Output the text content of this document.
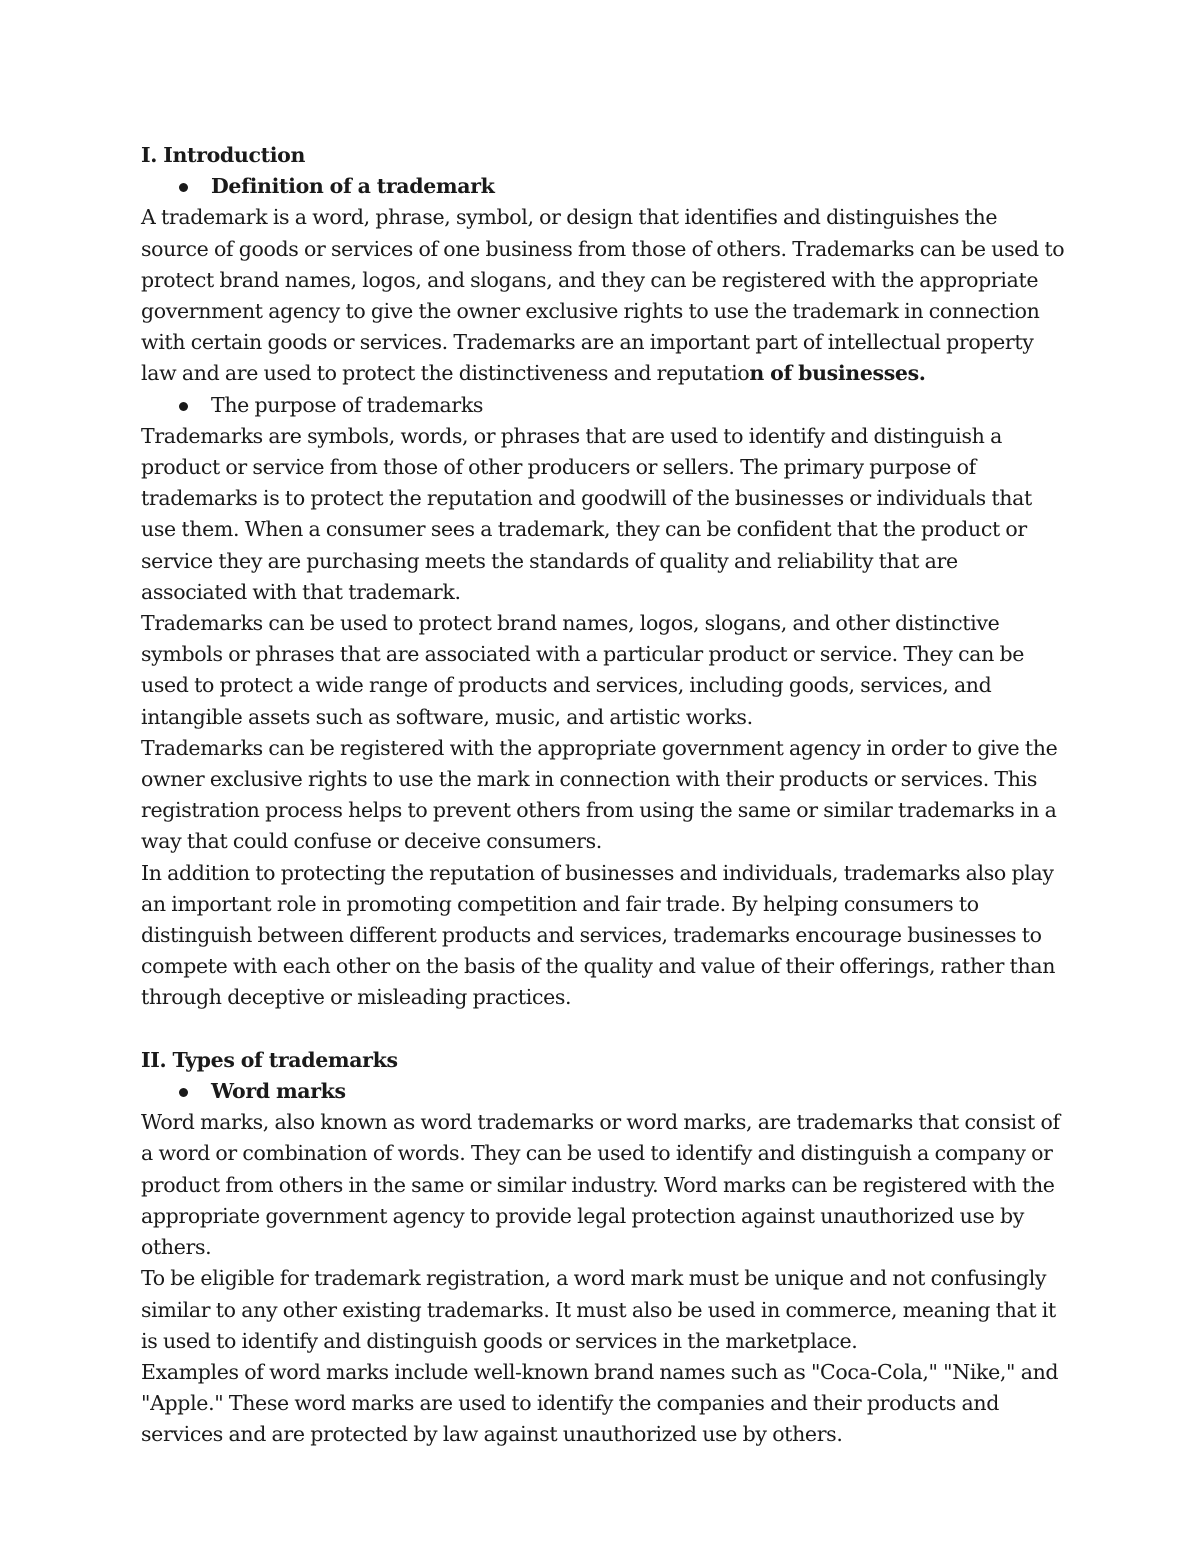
I. Introduction

Definition of a trademark

A trademark is a word, phrase, symbol, or design that identifies and distinguishes the source of goods or services of one business from those of others. Trademarks can be used to protect brand names, logos, and slogans, and they can be registered with the appropriate government agency to give the owner exclusive rights to use the trademark in connection with certain goods or services. Trademarks are an important part of intellectual property law and are used to protect the distinctiveness and reputation of businesses.

The purpose of trademarks

Trademarks are symbols, words, or phrases that are used to identify and distinguish a product or service from those of other producers or sellers. The primary purpose of trademarks is to protect the reputation and goodwill of the businesses or individuals that use them. When a consumer sees a trademark, they can be confident that the product or service they are purchasing meets the standards of quality and reliability that are associated with that trademark.

Trademarks can be used to protect brand names, logos, slogans, and other distinctive symbols or phrases that are associated with a particular product or service. They can be used to protect a wide range of products and services, including goods, services, and intangible assets such as software, music, and artistic works.

Trademarks can be registered with the appropriate government agency in order to give the owner exclusive rights to use the mark in connection with their products or services. This registration process helps to prevent others from using the same or similar trademarks in a way that could confuse or deceive consumers.

In addition to protecting the reputation of businesses and individuals, trademarks also play an important role in promoting competition and fair trade. By helping consumers to distinguish between different products and services, trademarks encourage businesses to compete with each other on the basis of the quality and value of their offerings, rather than through deceptive or misleading practices.

II. Types of trademarks

Word marks

Word marks, also known as word trademarks or word marks, are trademarks that consist of a word or combination of words. They can be used to identify and distinguish a company or product from others in the same or similar industry. Word marks can be registered with the appropriate government agency to provide legal protection against unauthorized use by others.

To be eligible for trademark registration, a word mark must be unique and not confusingly similar to any other existing trademarks. It must also be used in commerce, meaning that it is used to identify and distinguish goods or services in the marketplace.

Examples of word marks include well-known brand names such as "Coca-Cola," "Nike," and "Apple." These word marks are used to identify the companies and their products and services and are protected by law against unauthorized use by others.
